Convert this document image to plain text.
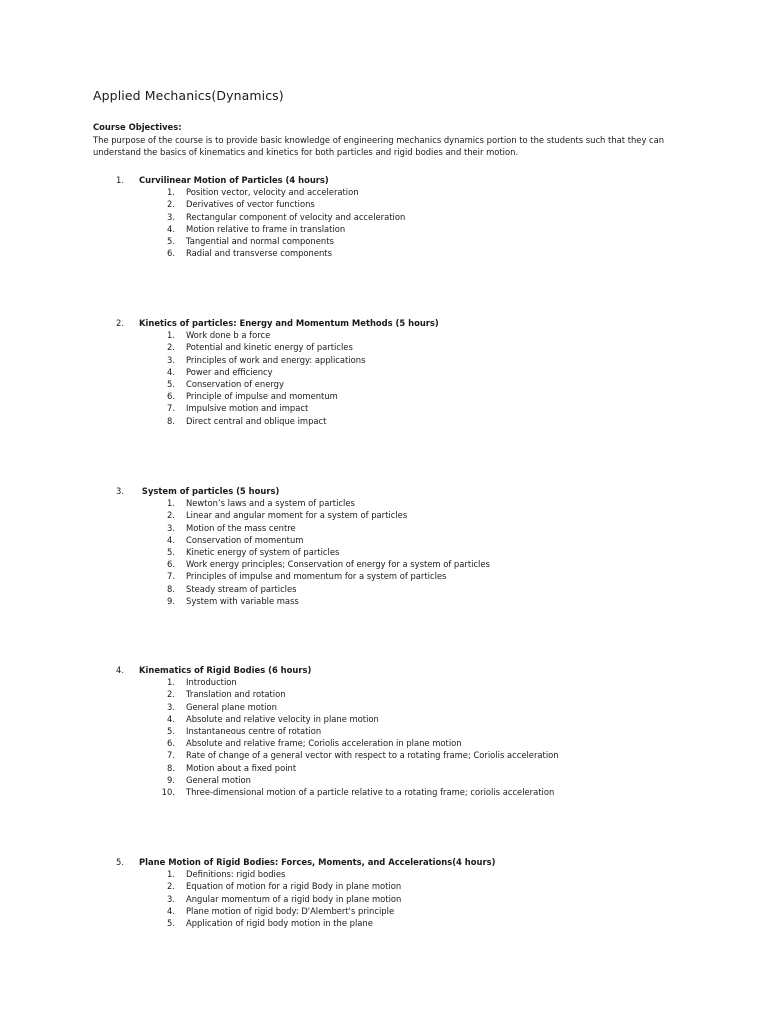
Applied Mechanics(Dynamics)
Course Objectives:
The purpose of the course is to provide basic knowledge of engineering mechanics dynamics portion to the students such that they can understand the basics of kinematics and kinetics for both particles and rigid bodies and their motion.
1. Curvilinear Motion of Particles (4 hours)
1. Position vector, velocity and acceleration
2. Derivatives of vector functions
3. Rectangular component of velocity and acceleration
4. Motion relative to frame in translation
5. Tangential and normal components
6. Radial and transverse components
2. Kinetics of particles: Energy and Momentum Methods (5 hours)
1. Work done b a force
2. Potential and kinetic energy of particles
3. Principles of work and energy: applications
4. Power and efficiency
5. Conservation of energy
6. Principle of impulse and momentum
7. Impulsive motion and impact
8. Direct central and oblique impact
3. System of particles (5 hours)
1. Newton’s laws and a system of particles
2. Linear and angular moment for a system of particles
3. Motion of the mass centre
4. Conservation of momentum
5. Kinetic energy of system of particles
6. Work energy principles; Conservation of energy for a system of particles
7. Principles of impulse and momentum for a system of particles
8. Steady stream of particles
9. System with variable mass
4. Kinematics of Rigid Bodies (6 hours)
1. Introduction
2. Translation and rotation
3. General plane motion
4. Absolute and relative velocity in plane motion
5. Instantaneous centre of rotation
6. Absolute and relative frame; Coriolis acceleration in plane motion
7. Rate of change of a general vector with respect to a rotating frame; Coriolis acceleration
8. Motion about a fixed point
9. General motion
10. Three-dimensional motion of a particle relative to a rotating frame; coriolis acceleration
5. Plane Motion of Rigid Bodies: Forces, Moments, and Accelerations(4 hours)
1. Definitions: rigid bodies
2. Equation of motion for a rigid Body in plane motion
3. Angular momentum of a rigid body in plane motion
4. Plane motion of rigid body: D'Alembert's principle
5. Application of rigid body motion in the plane
